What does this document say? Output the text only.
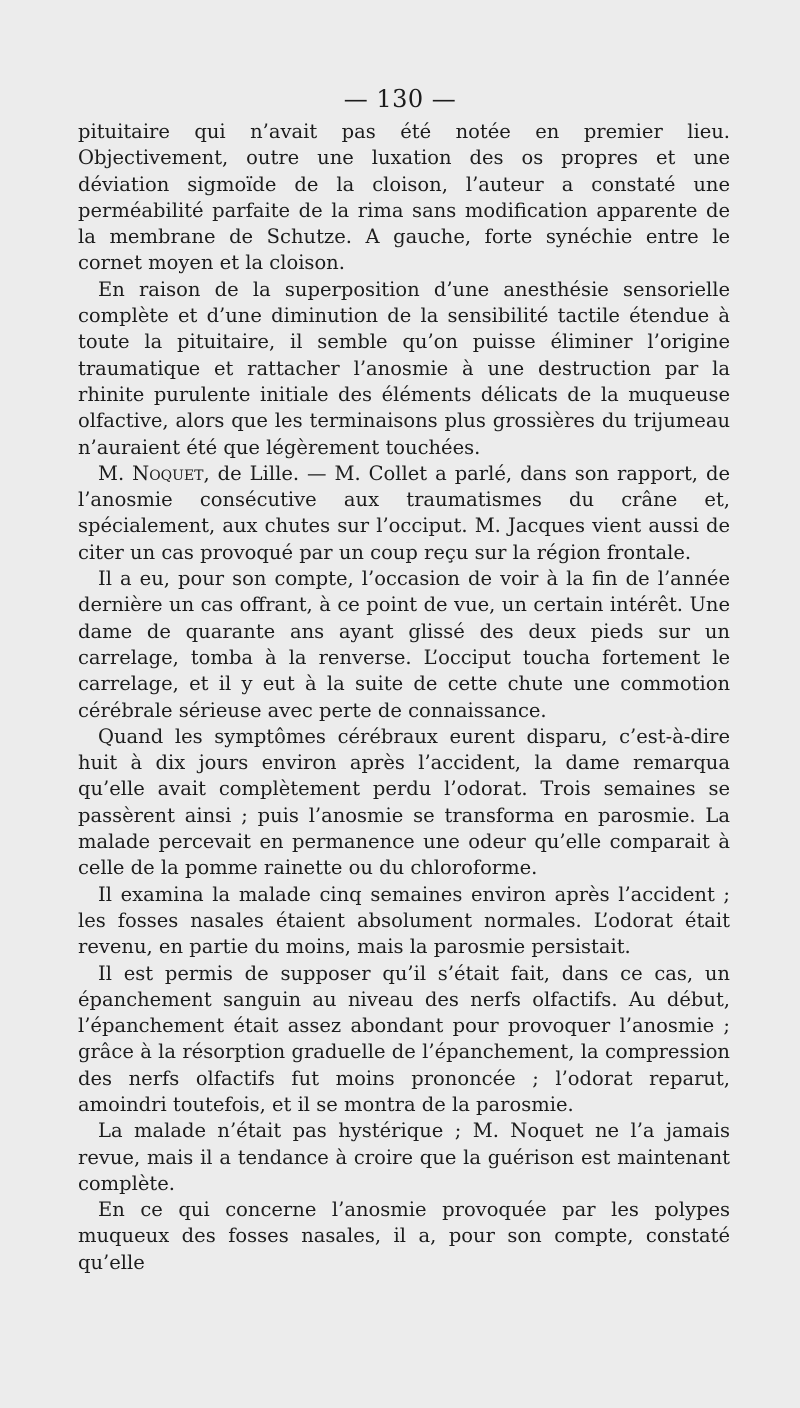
— 130 —

pituitaire qui n’avait pas été notée en premier lieu. Objectivement, outre une luxation des os propres et une déviation sigmoïde de la cloison, l’auteur a constaté une perméabilité parfaite de la rima sans modification apparente de la membrane de Schutze. A gauche, forte synéchie entre le cornet moyen et la cloison.

En raison de la superposition d’une anesthésie sensorielle complète et d’une diminution de la sensibilité tactile étendue à toute la pituitaire, il semble qu’on puisse éliminer l’origine traumatique et rattacher l’anosmie à une destruction par la rhinite purulente initiale des éléments délicats de la muqueuse olfactive, alors que les terminaisons plus grossières du trijumeau n’auraient été que légèrement touchées.

M. Noquet, de Lille. — M. Collet a parlé, dans son rapport, de l’anosmie consécutive aux traumatismes du crâne et, spécialement, aux chutes sur l’occiput. M. Jacques vient aussi de citer un cas provoqué par un coup reçu sur la région frontale.

Il a eu, pour son compte, l’occasion de voir à la fin de l’année dernière un cas offrant, à ce point de vue, un certain intérêt. Une dame de quarante ans ayant glissé des deux pieds sur un carrelage, tomba à la renverse. L’occiput toucha fortement le carrelage, et il y eut à la suite de cette chute une commotion cérébrale sérieuse avec perte de connaissance.

Quand les symptômes cérébraux eurent disparu, c’est-à-dire huit à dix jours environ après l’accident, la dame remarqua qu’elle avait complètement perdu l’odorat. Trois semaines se passèrent ainsi ; puis l’anosmie se transforma en parosmie. La malade percevait en permanence une odeur qu’elle comparait à celle de la pomme rainette ou du chloroforme.

Il examina la malade cinq semaines environ après l’accident ; les fosses nasales étaient absolument normales. L’odorat était revenu, en partie du moins, mais la parosmie persistait.

Il est permis de supposer qu’il s’était fait, dans ce cas, un épanchement sanguin au niveau des nerfs olfactifs. Au début, l’épanchement était assez abondant pour provoquer l’anosmie ; grâce à la résorption graduelle de l’épanchement, la compression des nerfs olfactifs fut moins prononcée ; l’odorat reparut, amoindri toutefois, et il se montra de la parosmie.

La malade n’était pas hystérique ; M. Noquet ne l’a jamais revue, mais il a tendance à croire que la guérison est maintenant complète.

En ce qui concerne l’anosmie provoquée par les polypes muqueux des fosses nasales, il a, pour son compte, constaté qu’elle
